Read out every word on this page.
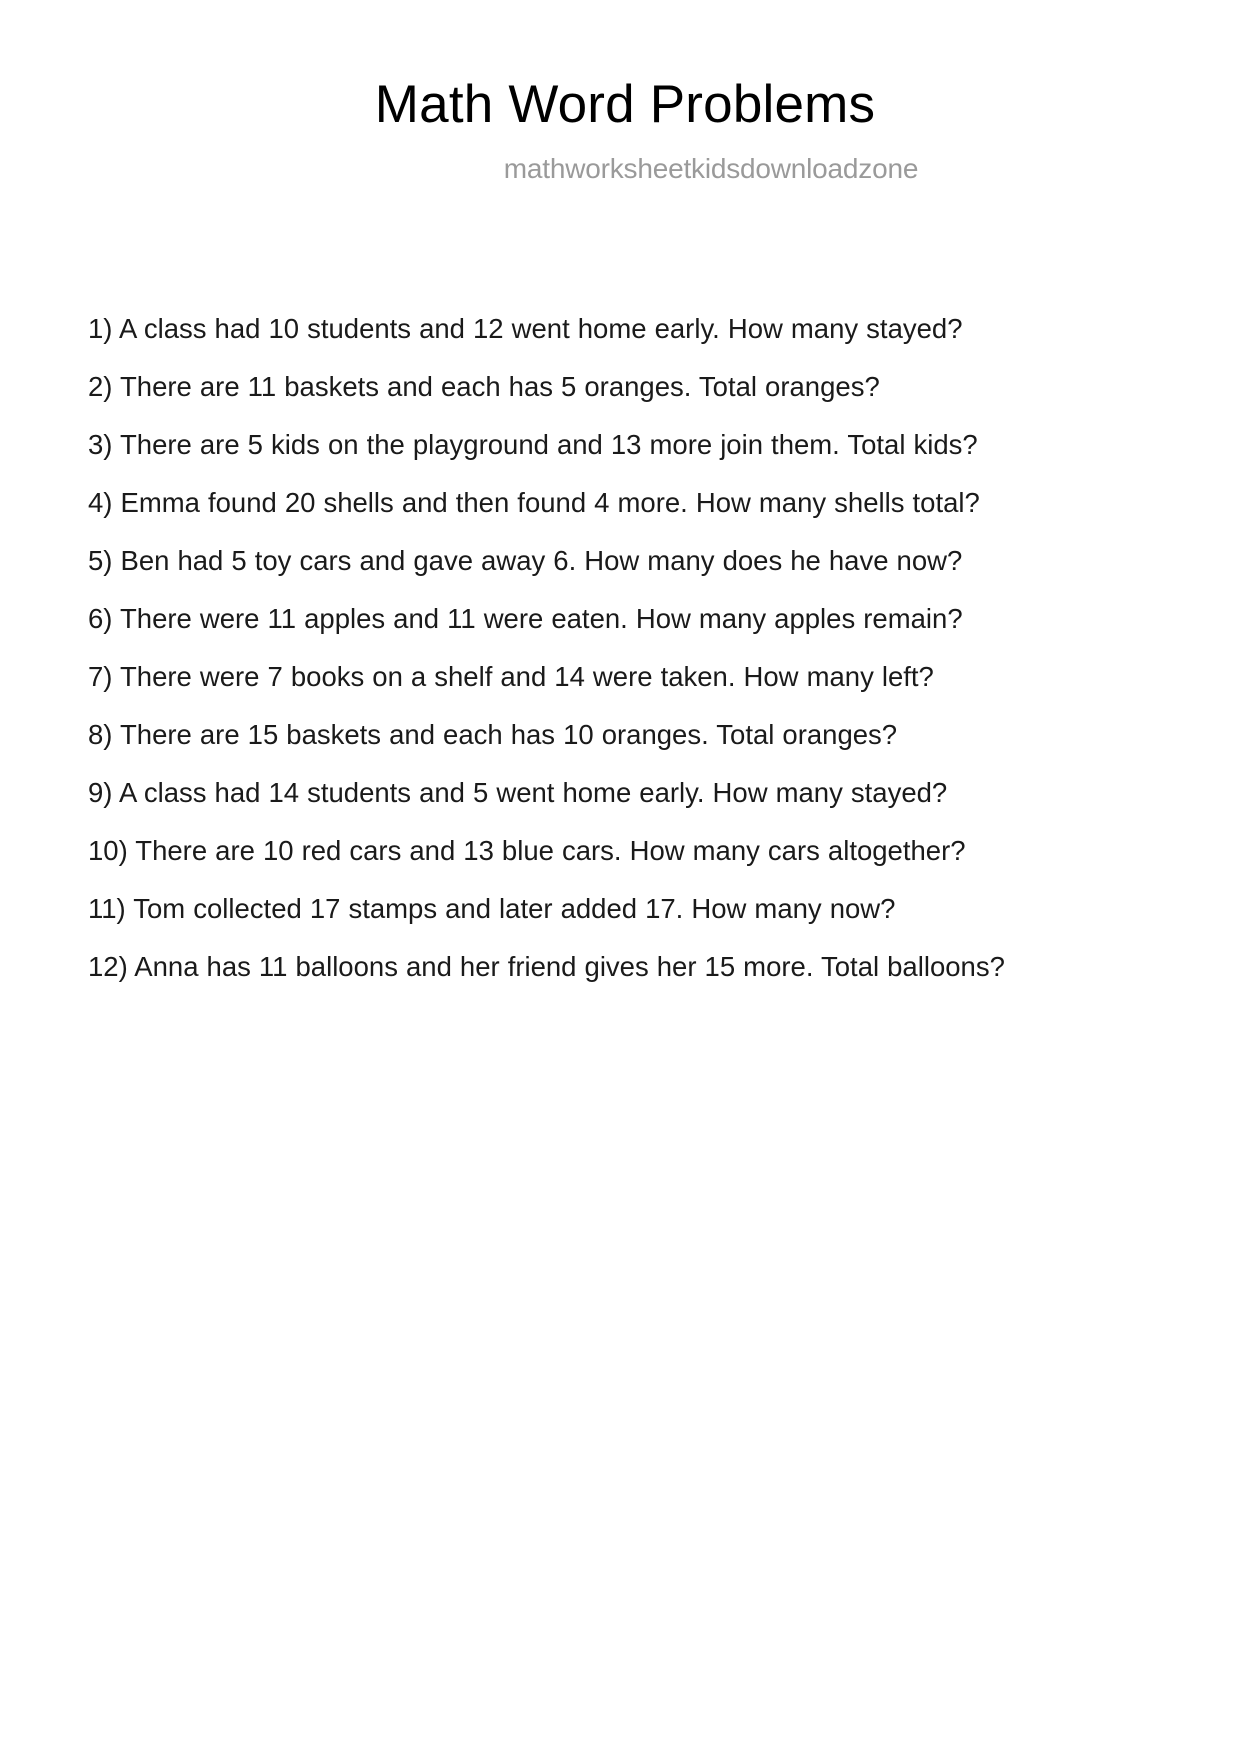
Math Word Problems
mathworksheetkidsdownloadzone
1) A class had 10 students and 12 went home early. How many stayed?
2) There are 11 baskets and each has 5 oranges. Total oranges?
3) There are 5 kids on the playground and 13 more join them. Total kids?
4) Emma found 20 shells and then found 4 more. How many shells total?
5) Ben had 5 toy cars and gave away 6. How many does he have now?
6) There were 11 apples and 11 were eaten. How many apples remain?
7) There were 7 books on a shelf and 14 were taken. How many left?
8) There are 15 baskets and each has 10 oranges. Total oranges?
9) A class had 14 students and 5 went home early. How many stayed?
10) There are 10 red cars and 13 blue cars. How many cars altogether?
11) Tom collected 17 stamps and later added 17. How many now?
12) Anna has 11 balloons and her friend gives her 15 more. Total balloons?
